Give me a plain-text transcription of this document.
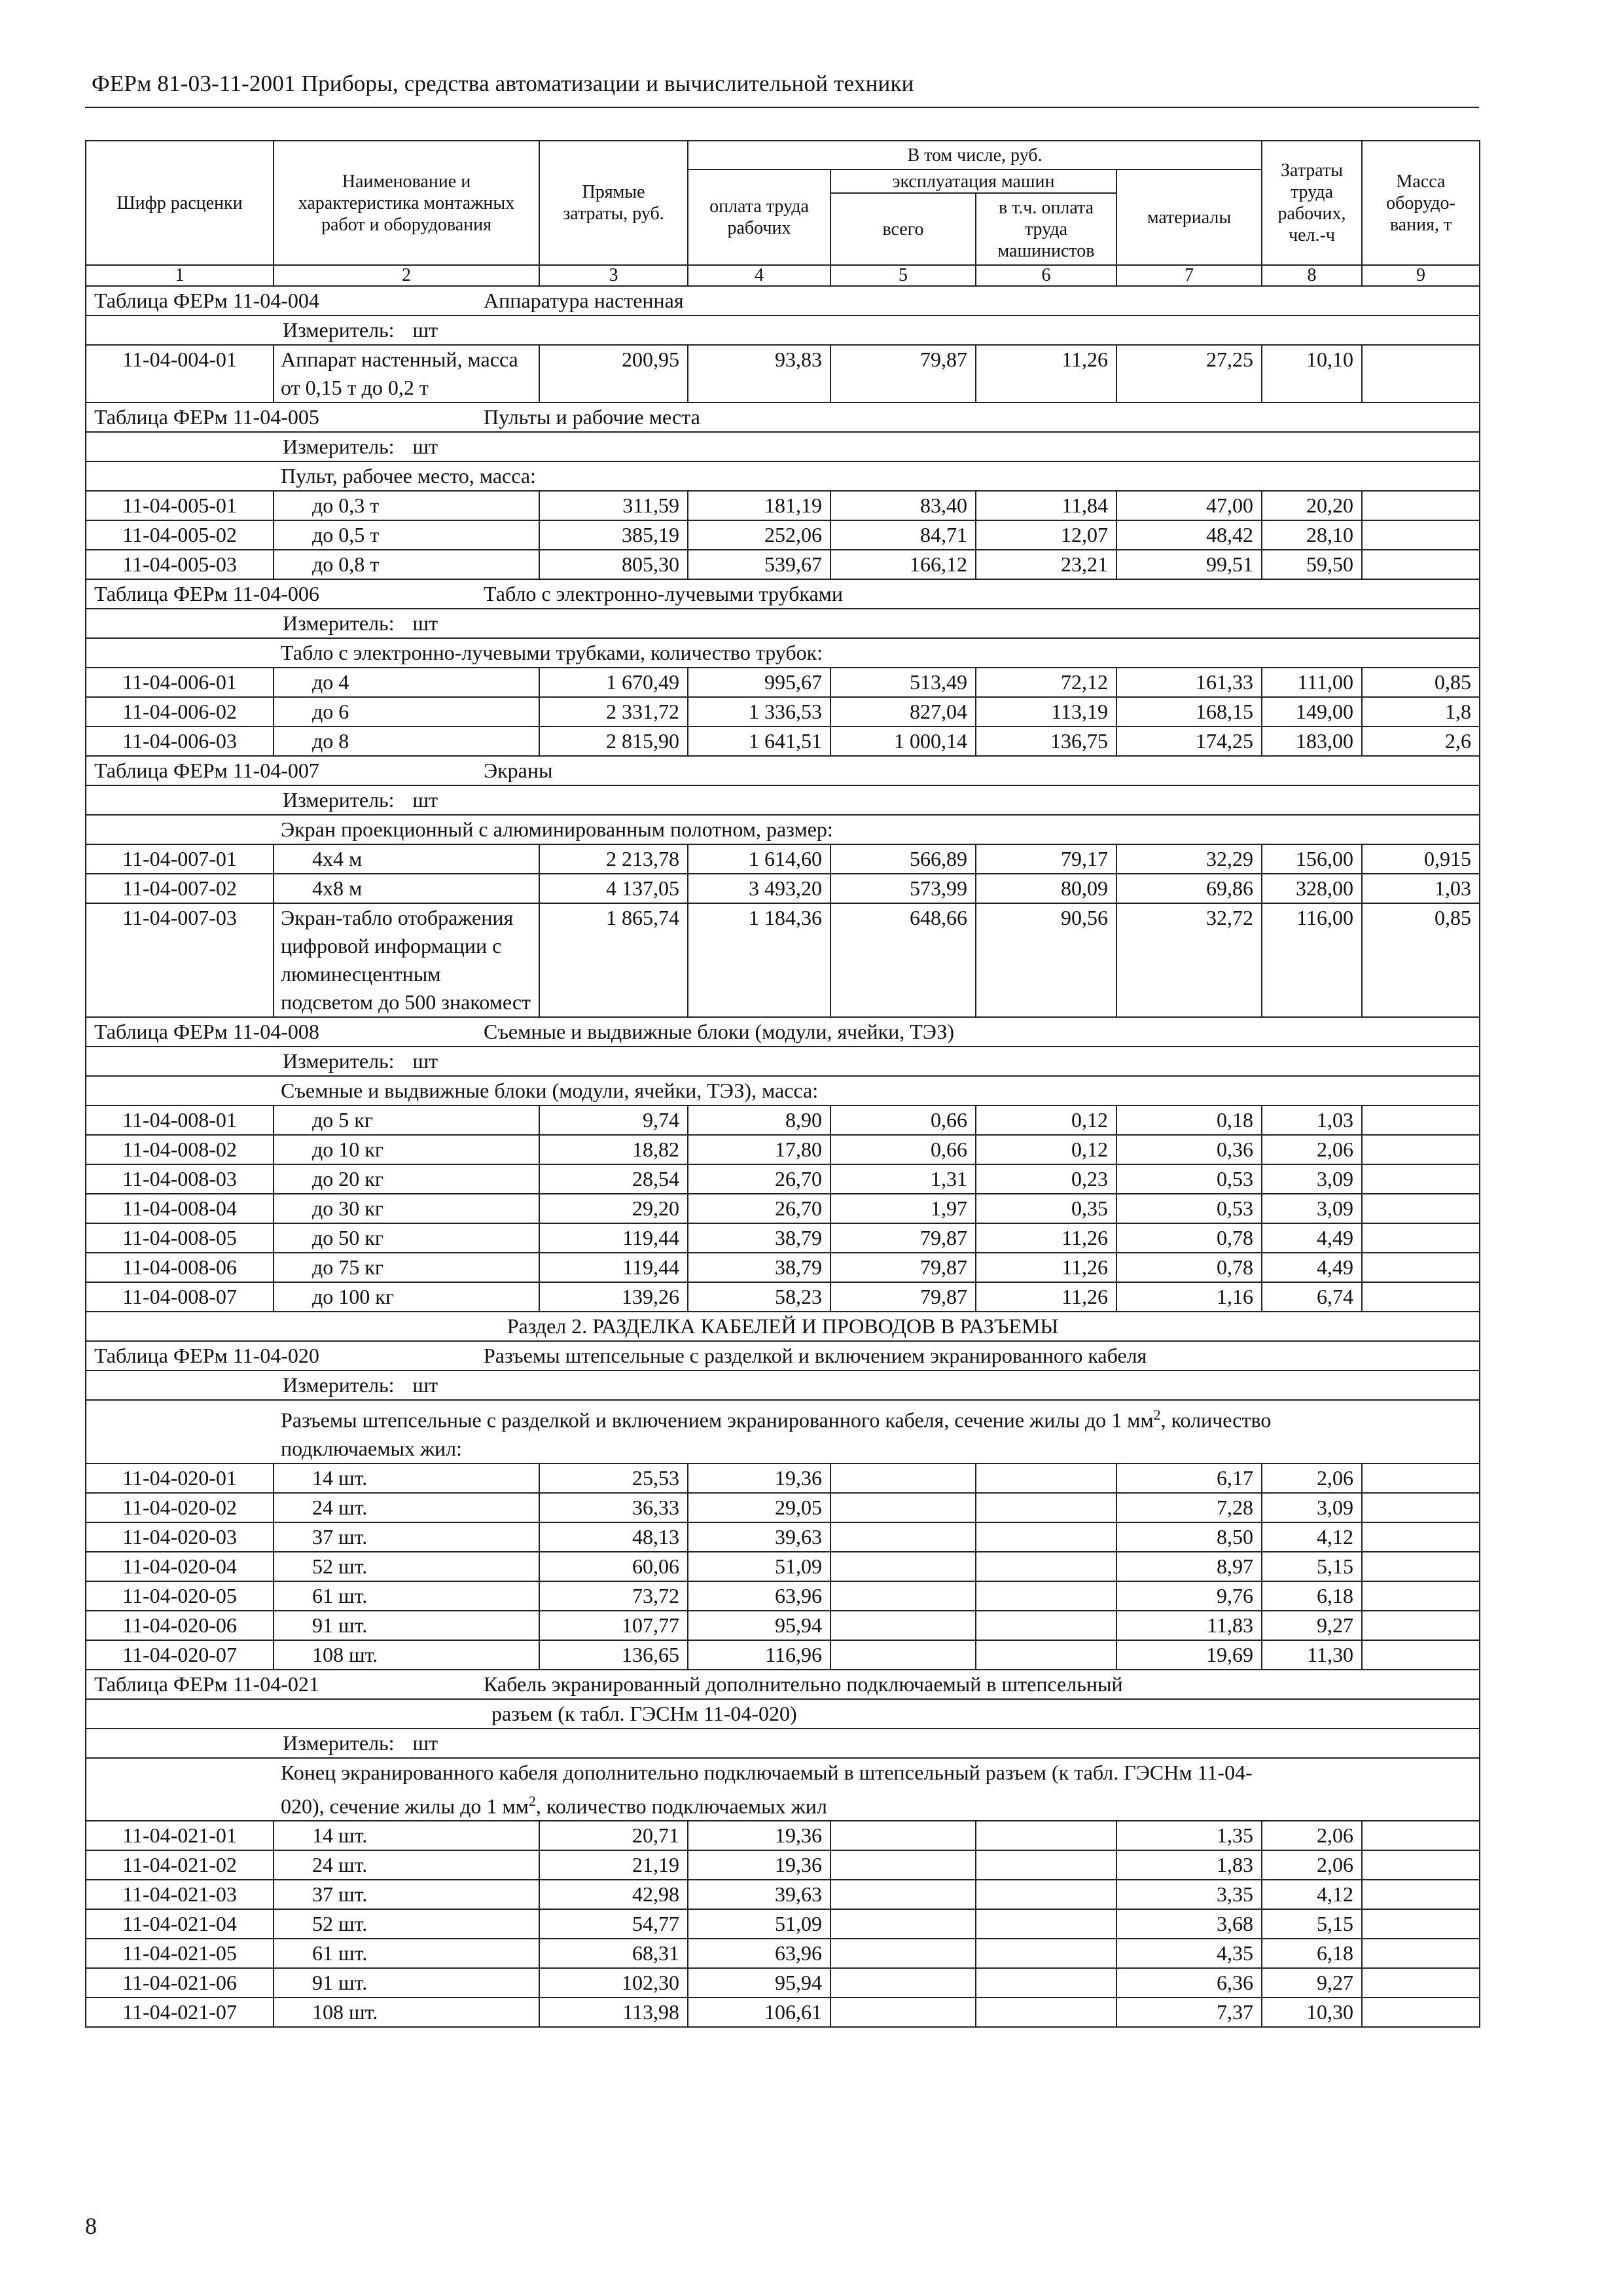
ФЕРм 81-03-11-2001 Приборы, средства автоматизации и вычислительной техники
Шифр расценки	Наименование и характеристика монтажных работ и оборудования	Прямые затраты, руб.	В том числе, руб.				Затраты труда рабочих, чел.-ч	Масса оборудо-вания, т
			оплата труда рабочих	эксплуатация машин		материалы		
				всего	в т.ч. оплата труда машинистов			
1	2	3	4	5	6	7	8	9
Таблица ФЕРм 11-04-004 Аппаратура настенная								
Измеритель: шт								
11-04-004-01	Аппарат настенный, масса от 0,15 т до 0,2 т	200,95	93,83	79,87	11,26	27,25	10,10	
Таблица ФЕРм 11-04-005 Пульты и рабочие места								
Измеритель: шт								
Пульт, рабочее место, масса:								
11-04-005-01	до 0,3 т	311,59	181,19	83,40	11,84	47,00	20,20	
11-04-005-02	до 0,5 т	385,19	252,06	84,71	12,07	48,42	28,10	
11-04-005-03	до 0,8 т	805,30	539,67	166,12	23,21	99,51	59,50	
Таблица ФЕРм 11-04-006 Табло с электронно-лучевыми трубками								
Измеритель: шт								
Табло с электронно-лучевыми трубками, количество трубок:								
11-04-006-01	до 4	1 670,49	995,67	513,49	72,12	161,33	111,00	0,85
11-04-006-02	до 6	2 331,72	1 336,53	827,04	113,19	168,15	149,00	1,8
11-04-006-03	до 8	2 815,90	1 641,51	1 000,14	136,75	174,25	183,00	2,6
Таблица ФЕРм 11-04-007 Экраны								
Измеритель: шт								
Экран проекционный с алюминированным полотном, размер:								
11-04-007-01	4х4 м	2 213,78	1 614,60	566,89	79,17	32,29	156,00	0,915
11-04-007-02	4х8 м	4 137,05	3 493,20	573,99	80,09	69,86	328,00	1,03
11-04-007-03	Экран-табло отображения цифровой информации с люминесцентным подсветом до 500 знакомест	1 865,74	1 184,36	648,66	90,56	32,72	116,00	0,85
Таблица ФЕРм 11-04-008 Съемные и выдвижные блоки (модули, ячейки, ТЭЗ)								
Измеритель: шт								
Съемные и выдвижные блоки (модули, ячейки, ТЭЗ), масса:								
11-04-008-01	до 5 кг	9,74	8,90	0,66	0,12	0,18	1,03	
11-04-008-02	до 10 кг	18,82	17,80	0,66	0,12	0,36	2,06	
11-04-008-03	до 20 кг	28,54	26,70	1,31	0,23	0,53	3,09	
11-04-008-04	до 30 кг	29,20	26,70	1,97	0,35	0,53	3,09	
11-04-008-05	до 50 кг	119,44	38,79	79,87	11,26	0,78	4,49	
11-04-008-06	до 75 кг	119,44	38,79	79,87	11,26	0,78	4,49	
11-04-008-07	до 100 кг	139,26	58,23	79,87	11,26	1,16	6,74	
Раздел 2. РАЗДЕЛКА КАБЕЛЕЙ И ПРОВОДОВ В РАЗЪЕМЫ								
Таблица ФЕРм 11-04-020 Разъемы штепсельные с разделкой и включением экранированного кабеля								
Измеритель: шт								
Разъемы штепсельные с разделкой и включением экранированного кабеля, сечение жилы до 1 $мм^2$, количество
подключаемых жил:								
11-04-020-01	14 шт.	25,53	19,36			6,17	2,06	
11-04-020-02	24 шт.	36,33	29,05			7,28	3,09	
11-04-020-03	37 шт.	48,13	39,63			8,50	4,12	
11-04-020-04	52 шт.	60,06	51,09			8,97	5,15	
11-04-020-05	61 шт.	73,72	63,96			9,76	6,18	
11-04-020-06	91 шт.	107,77	95,94			11,83	9,27	
11-04-020-07	108 шт.	136,65	116,96			19,69	11,30	
Таблица ФЕРм 11-04-021 Кабель экранированный дополнительно подключаемый в штепсельный								
разъем (к табл. ГЭСНм 11-04-020)								
Измеритель: шт								
Конец экранированного кабеля дополнительно подключаемый в штепсельный разъем (к табл. ГЭСНм 11-04-
020), сечение жилы до 1 $мм^2$, количество подключаемых жил								
11-04-021-01	14 шт.	20,71	19,36			1,35	2,06	
11-04-021-02	24 шт.	21,19	19,36			1,83	2,06	
11-04-021-03	37 шт.	42,98	39,63			3,35	4,12	
11-04-021-04	52 шт.	54,77	51,09			3,68	5,15	
11-04-021-05	61 шт.	68,31	63,96			4,35	6,18	
11-04-021-06	91 шт.	102,30	95,94			6,36	9,27	
11-04-021-07	108 шт.	113,98	106,61			7,37	10,30	
8
